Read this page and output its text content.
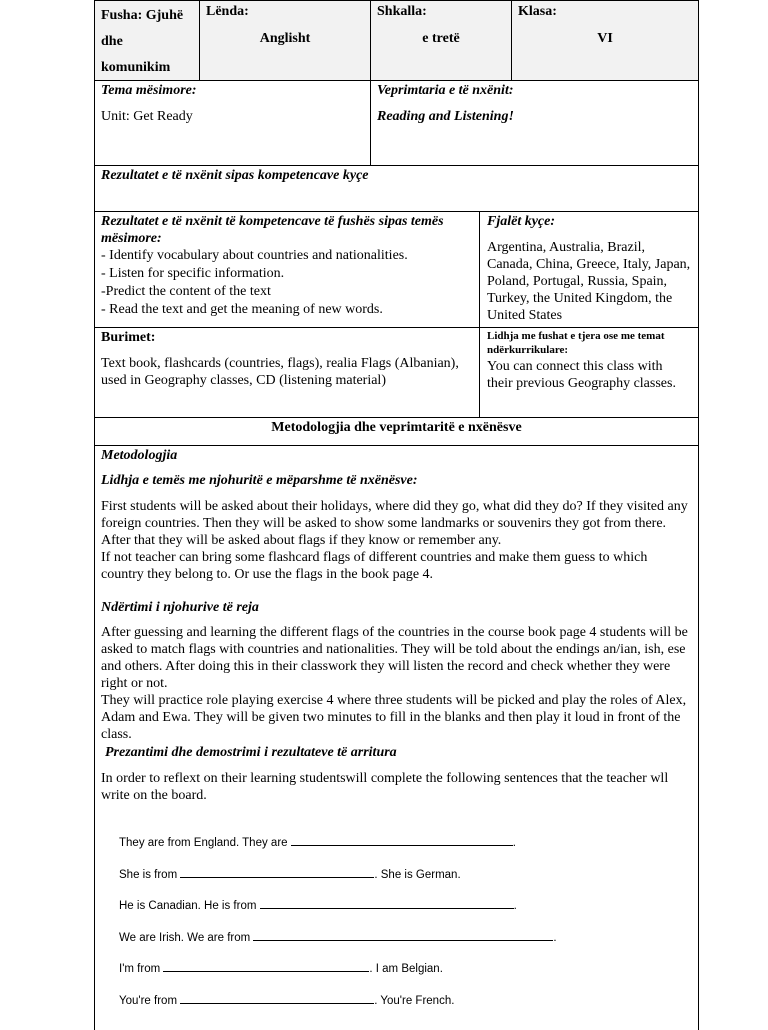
Fusha: Gjuhë dhe komunikim
Lënda:
Anglisht
Shkalla:
e tretë
Klasa:
VI
Tema mësimore:
Unit: Get Ready
Veprimtaria e të nxënit:
Reading and Listening!
Rezultatet e të nxënit sipas kompetencave kyçe
Rezultatet e të nxënit të kompetencave të fushës sipas temës mësimore:
- Identify vocabulary about countries and nationalities.
- Listen for specific information.
-Predict the content of the text
- Read the text and get the meaning of new words.
Fjalët kyçe:
Argentina, Australia, Brazil, Canada, China, Greece, Italy, Japan, Poland, Portugal, Russia, Spain, Turkey, the United Kingdom, the United States
Burimet:
Text book, flashcards (countries, flags), realia Flags (Albanian), used in Geography classes, CD (listening material)
Lidhja me fushat e tjera ose me temat ndërkurrikulare:
You can connect this class with their previous Geography classes.
Metodologjia dhe veprimtaritë e nxënësve
Metodologjia
Lidhja e temës me njohuritë e mëparshme të nxënësve:
First students will be asked about their holidays, where did they go, what did they do? If they visited any foreign countries. Then they will be asked to show some landmarks or souvenirs they got from there. After that they will be asked about flags if they know or remember any.
If not teacher can bring some flashcard flags of different countries and make them guess to which country they belong to. Or use the flags in the book page 4.
Ndërtimi i njohurive të reja
After guessing and learning the different flags of the countries in the course book page 4 students will be asked to match flags with countries and nationalities. They will be told about the endings an/ian, ish, ese and others. After doing this in their classwork they will listen the record and check whether they were right or not.
They will practice role playing exercise 4 where three students will be picked and play the roles of Alex, Adam and Ewa. They will be given two minutes to fill in the blanks and then play it loud in front of the class.
Prezantimi dhe demostrimi i rezultateve të arritura
In order to reflext on their learning studentswill complete the following sentences that the teacher wll write on the board.
They are from England. They are	.
She is from	. She is German.
He is Canadian. He is from	.
We are Irish. We are from	.
I'm from	. I am Belgian.
You're from	. You're French.
